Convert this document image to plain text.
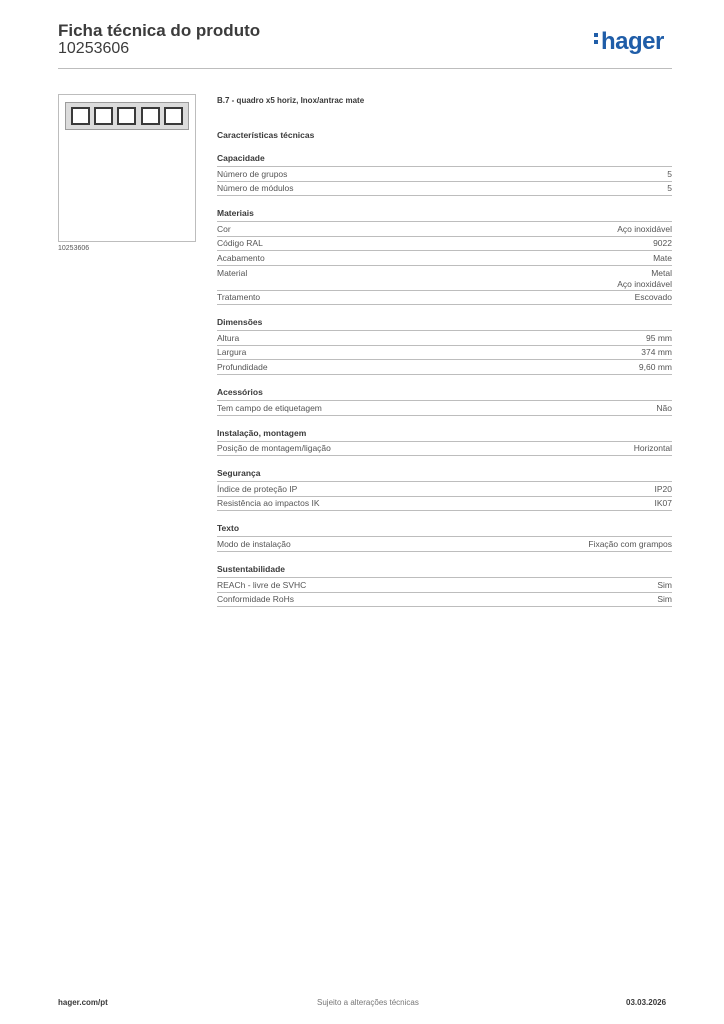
Ficha técnica do produto
10253606	hager
10253606
B.7 - quadro x5 horiz, Inox/antrac mate
Características técnicas
Capacidade
Número de grupos	5
Número de módulos	5
Materiais
Cor	Aço inoxidável
Código RAL	9022
Acabamento	Mate
Material	Metal
Aço inoxidável
Tratamento	Escovado
Dimensões
Altura	95 mm
Largura	374 mm
Profundidade	9,60 mm
Acessórios
Tem campo de etiquetagem	Não
Instalação, montagem
Posição de montagem/ligação	Horizontal
Segurança
Índice de proteção IP	IP20
Resistência ao impactos IK	IK07
Texto
Modo de instalação	Fixação com grampos
Sustentabilidade
REACh - livre de SVHC	Sim
Conformidade RoHs	Sim
hager.com/pt	Sujeito a alterações técnicas	03.03.2026
